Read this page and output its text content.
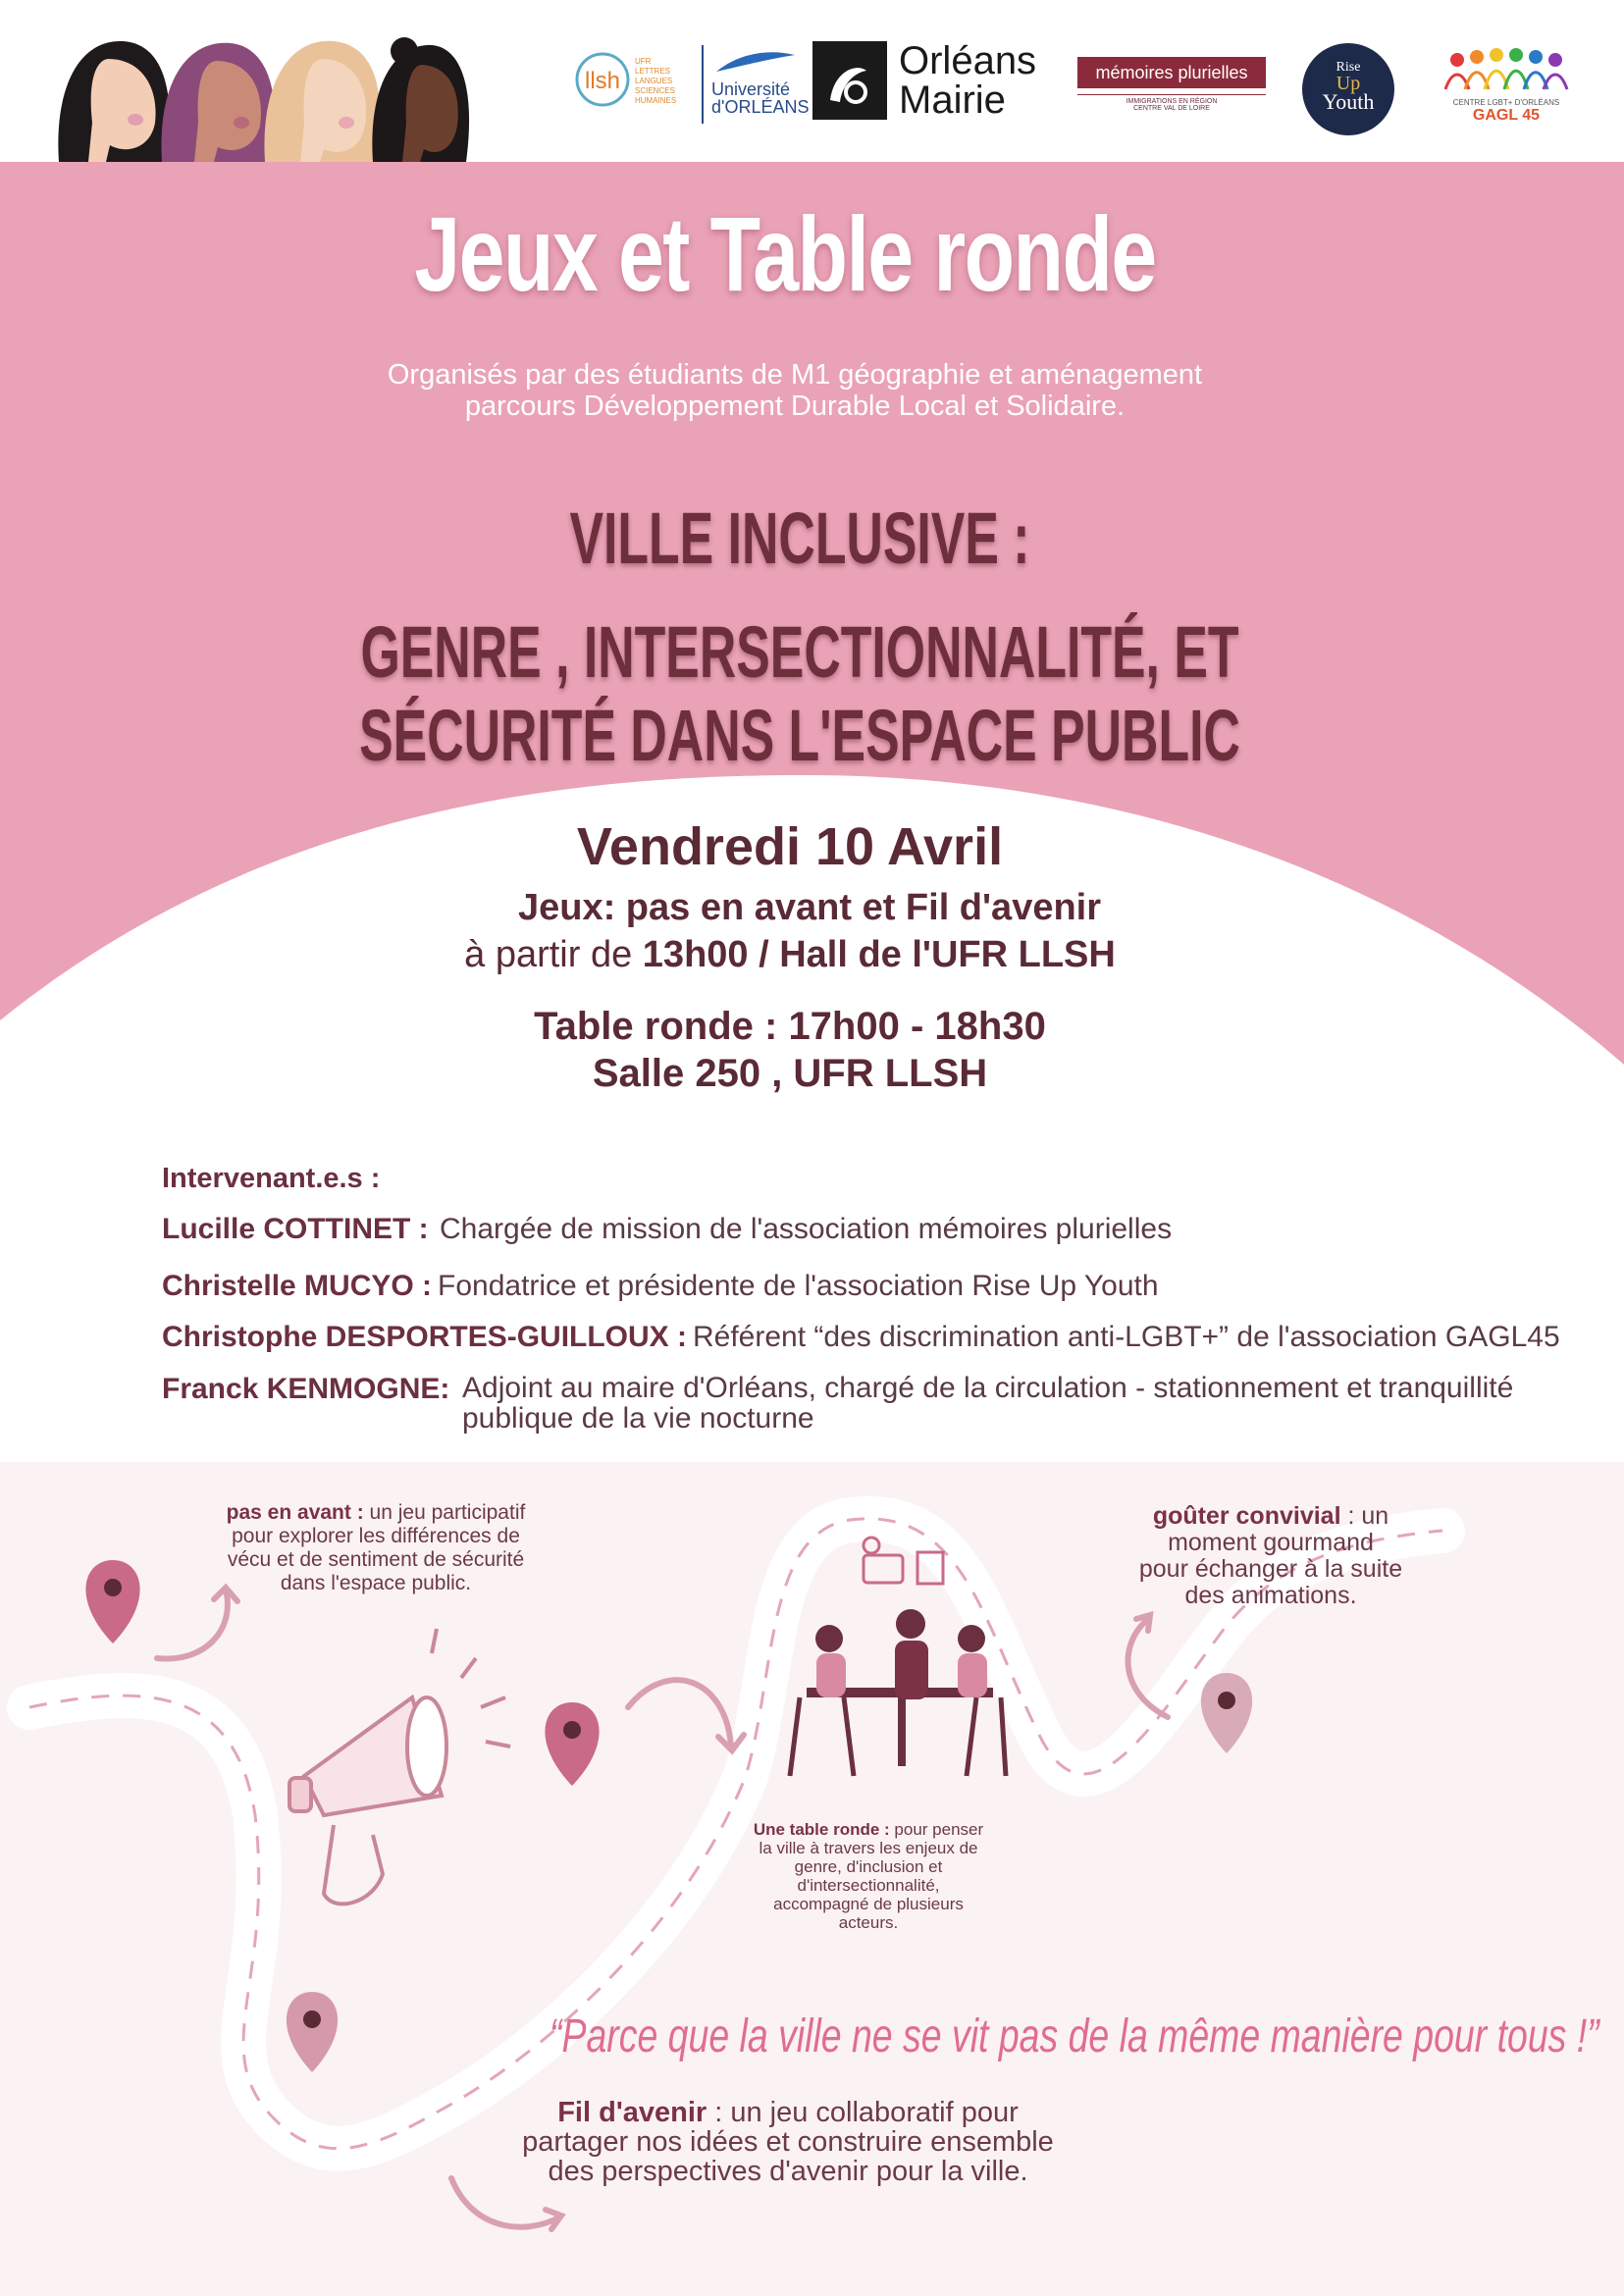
llsh
UFR
LETTRES
LANGUES
SCIENCES
HUMAINES
Université
d'ORLÉANS
Orléans
Mairie
mémoires plurielles
IMMIGRATIONS EN RÉGION
CENTRE VAL DE LOIRE
Rise
Up
Youth	CENTRE LGBT+ D'ORLÉANS
GAGL 45
Jeux et Table ronde
Organisés par des étudiants de M1 géographie et aménagement
parcours Développement Durable Local et Solidaire.
VILLE INCLUSIVE :
GENRE , INTERSECTIONNALITÉ, ET SÉCURITÉ DANS L'ESPACE PUBLIC
Vendredi 10 Avril
Jeux: pas en avant et Fil d'avenir
à partir de 13h00 / Hall de l'UFR LLSH
Table ronde : 17h00 - 18h30
Salle 250 , UFR LLSH
Intervenant.e.s :
Lucille COTTINET : Chargée de mission de l'association mémoires plurielles
Christelle MUCYO : Fondatrice et présidente de l'association Rise Up Youth
Christophe DESPORTES-GUILLOUX : Référent “des discrimination anti-LGBT+” de l'association GAGL45
Franck KENMOGNE: Adjoint au maire d'Orléans, chargé de la circulation - stationnement et tranquillité
publique de la vie nocturne
pas en avant : un jeu participatif
pour explorer les différences de
vécu et de sentiment de sécurité
dans l'espace public.
goûter convivial : un
moment gourmand
pour échanger à la suite
des animations.
Une table ronde : pour penser
la ville à travers les enjeux de
genre, d'inclusion et
d'intersectionnalité,
accompagné de plusieurs
acteurs.
“Parce que la ville ne se vit pas de la même manière pour tous !”
Fil d'avenir : un jeu collaboratif pour
partager nos idées et construire ensemble
des perspectives d'avenir pour la ville.
